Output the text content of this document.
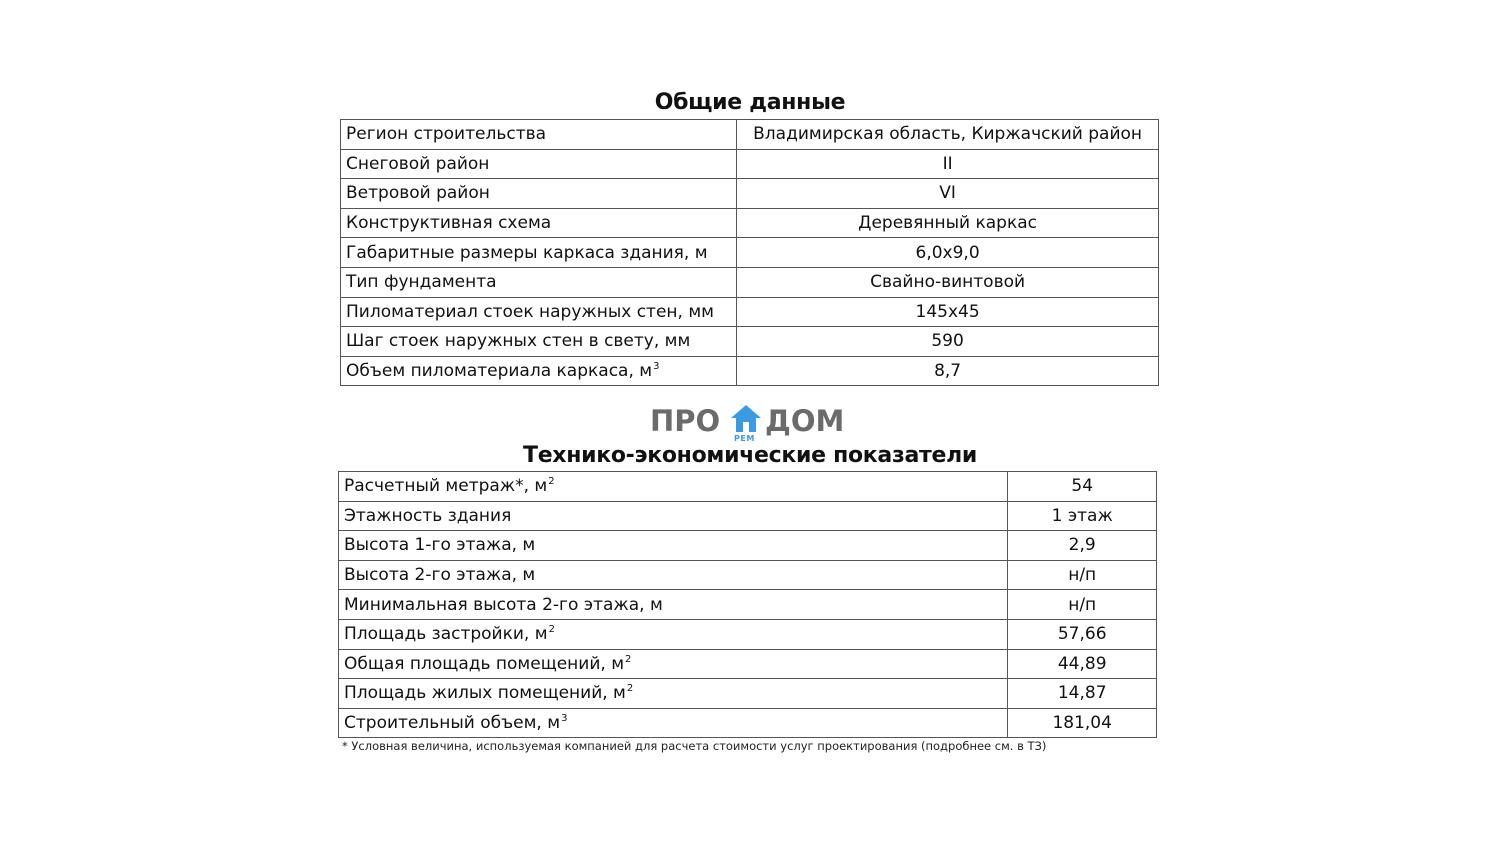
Общие данные
Регион строительства	Владимирская область, Киржачский район
Снеговой район	II
Ветровой район	VI
Конструктивная схема	Деревянный каркас
Габаритные размеры каркаса здания, м	6,0х9,0
Тип фундамента	Свайно-винтовой
Пиломатериал стоек наружных стен, мм	145х45
Шаг стоек наружных стен в свету, мм	590
Объем пиломатериала каркаса, $м^3$	8,7
ПРО
РЕМ
ДОМ
Технико-экономические показатели
Расчетный метраж*, $м^2$	54
Этажность здания	1 этаж
Высота 1-го этажа, м	2,9
Высота 2-го этажа, м	н/п
Минимальная высота 2-го этажа, м	н/п
Площадь застройки, $м^2$	57,66
Общая площадь помещений, $м^2$	44,89
Площадь жилых помещений, $м^2$	14,87
Строительный объем, $м^3$	181,04
* Условная величина, используемая компанией для расчета стоимости услуг проектирования (подробнее см. в ТЗ)
